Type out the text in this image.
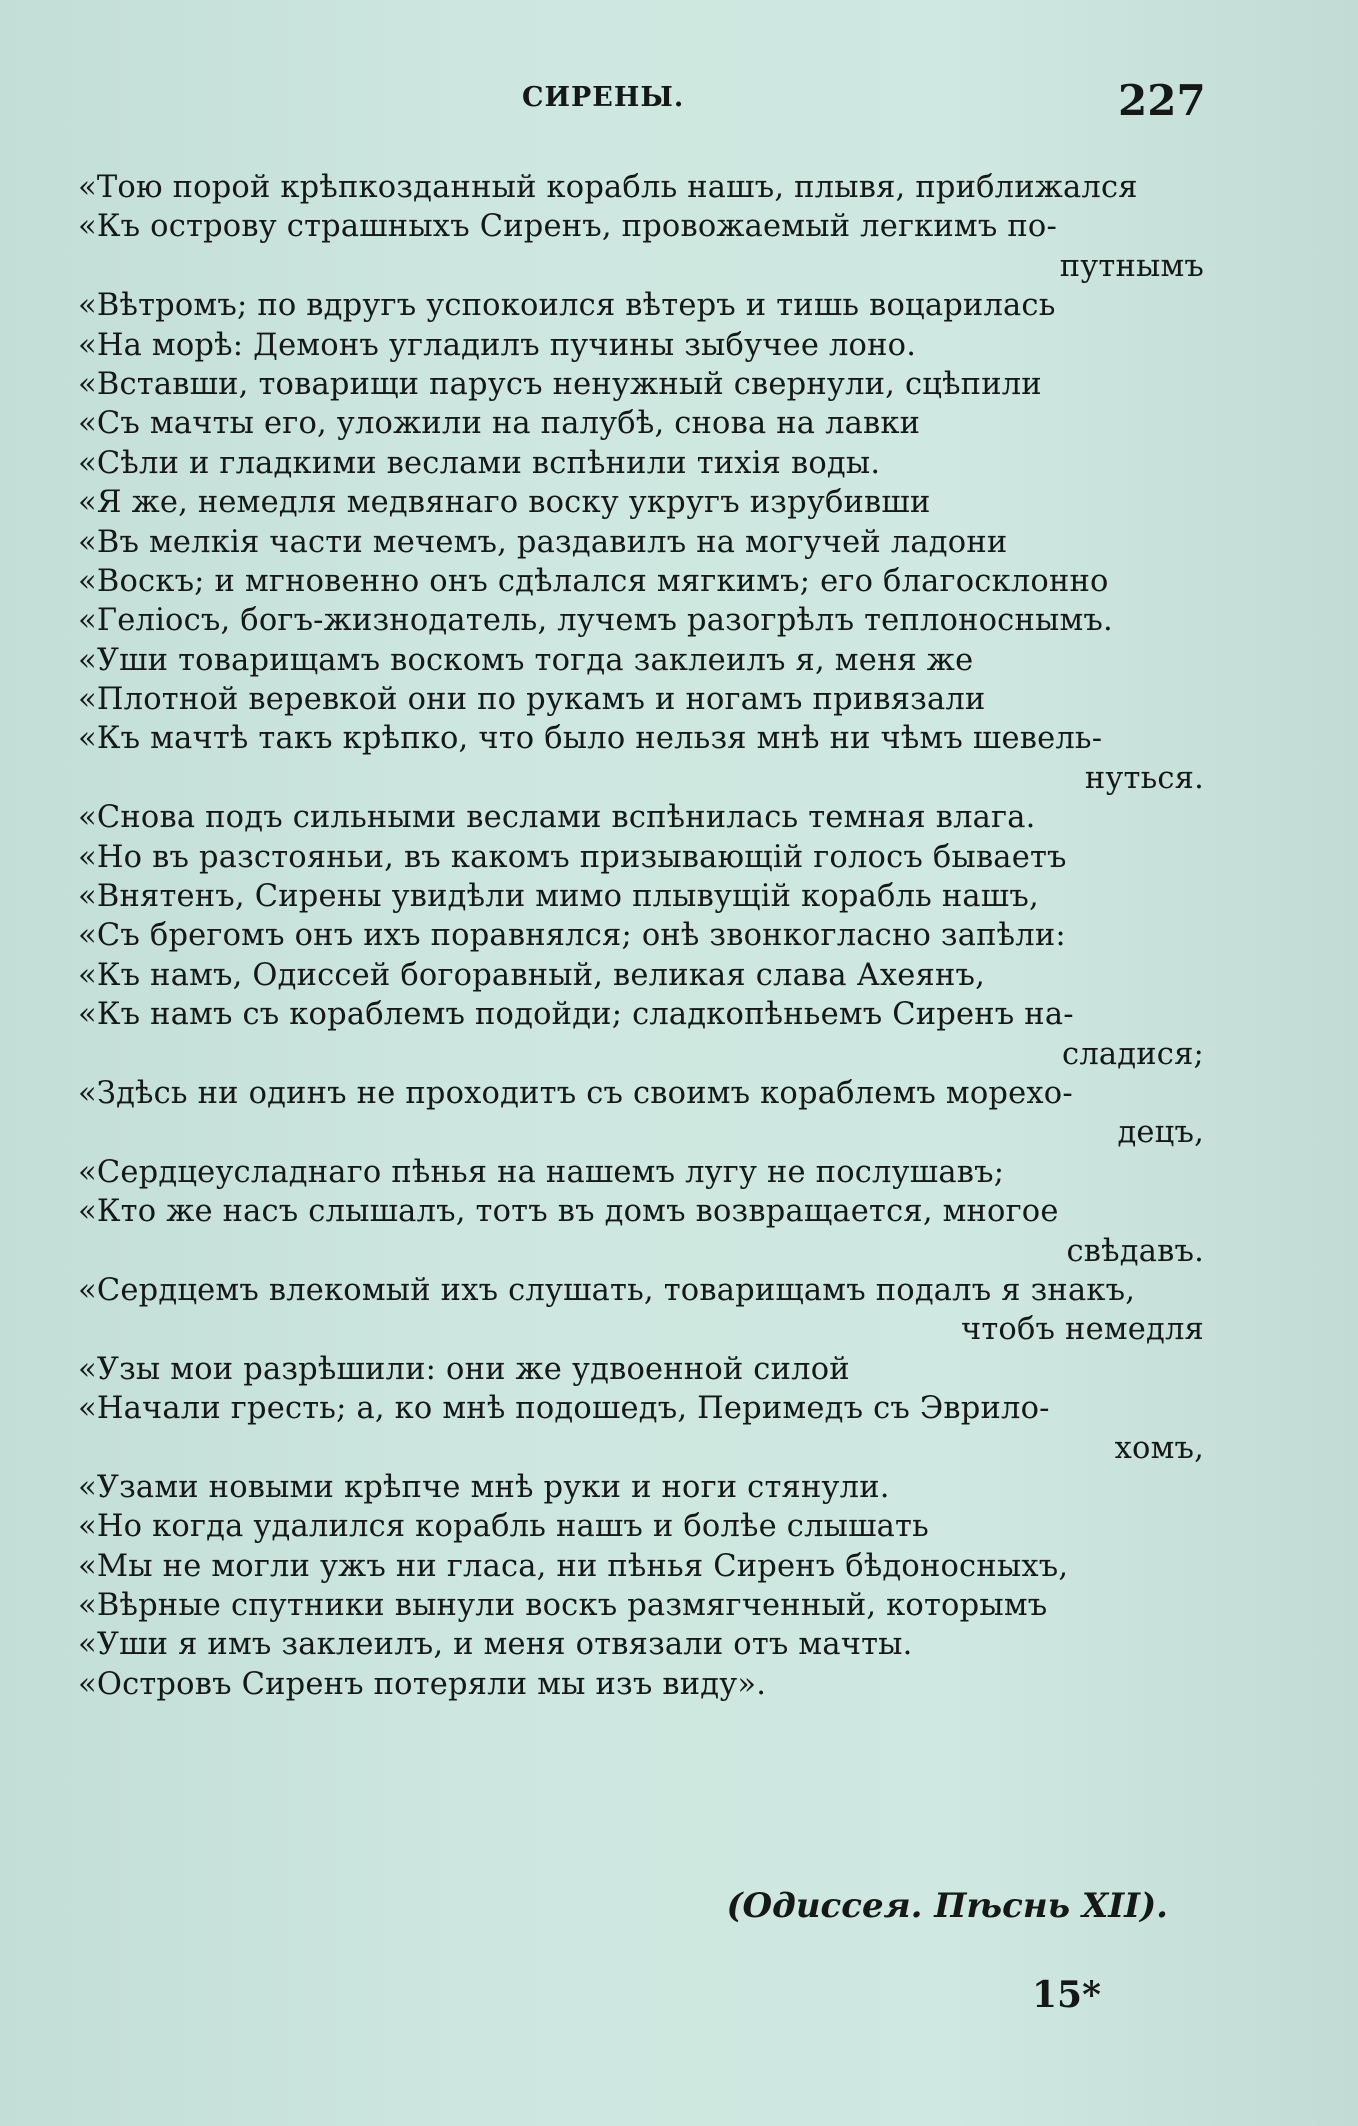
СИРЕНЫ.	227
«Тою порой крѣпкозданный корабль нашъ, плывя, приближался
«Къ острову страшныхъ Сиренъ, провожаемый легкимъ по-
путнымъ
«Вѣтромъ; по вдругъ успокоился вѣтеръ и тишь воцарилась
«На морѣ: Демонъ угладилъ пучины зыбучее лоно.
«Вставши, товарищи парусъ ненужный свернули, сцѣпили
«Съ мачты его, уложили на палубѣ, снова на лавки
«Сѣли и гладкими веслами вспѣнили тихія воды.
«Я же, немедля медвянаго воску укругъ изрубивши
«Въ мелкія части мечемъ, раздавилъ на могучей ладони
«Воскъ; и мгновенно онъ сдѣлался мягкимъ; его благосклонно
«Геліосъ, богъ-жизнодатель, лучемъ разогрѣлъ теплоноснымъ.
«Уши товарищамъ воскомъ тогда заклеилъ я, меня же
«Плотной веревкой они по рукамъ и ногамъ привязали
«Къ мачтѣ такъ крѣпко, что было нельзя мнѣ ни чѣмъ шевель-
нуться.
«Снова подъ сильными веслами вспѣнилась темная влага.
«Но въ разстояньи, въ какомъ призывающій голосъ бываетъ
«Внятенъ, Сирены увидѣли мимо плывущій корабль нашъ,
«Съ брегомъ онъ ихъ поравнялся; онѣ звонкогласно запѣли:
«Къ намъ, Одиссей богоравный, великая слава Ахеянъ,
«Къ намъ съ кораблемъ подойди; сладкопѣньемъ Сиренъ на-
сладися;
«Здѣсь ни одинъ не проходитъ съ своимъ кораблемъ морехо-
децъ,
«Сердцеусладнаго пѣнья на нашемъ лугу не послушавъ;
«Кто же насъ слышалъ, тотъ въ домъ возвращается, многое
свѣдавъ.
«Сердцемъ влекомый ихъ слушать, товарищамъ подалъ я знакъ,
чтобъ немедля
«Узы мои разрѣшили: они же удвоенной силой
«Начали гресть; а, ко мнѣ подошедъ, Перимедъ съ Эврило-
хомъ,
«Узами новыми крѣпче мнѣ руки и ноги стянули.
«Но когда удалился корабль нашъ и болѣе слышать
«Мы не могли ужъ ни гласа, ни пѣнья Сиренъ бѣдоносныхъ,
«Вѣрные спутники вынули воскъ размягченный, которымъ
«Уши я имъ заклеилъ, и меня отвязали отъ мачты.
«Островъ Сиренъ потеряли мы изъ виду».
(Одиссея. Пѣснь XII).
15*
